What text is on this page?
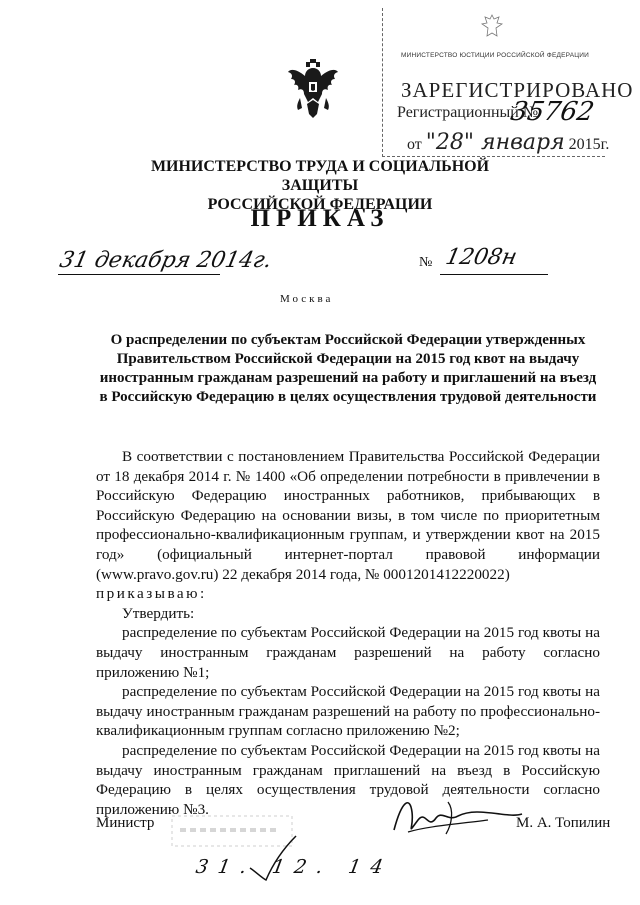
МИНИСТЕРСТВО ЮСТИЦИИ РОССИЙСКОЙ ФЕДЕРАЦИИ
ЗАРЕГИСТРИРОВАНО
Регистрационный №
35762
от "28" января 2015г.
МИНИСТЕРСТВО ТРУДА И СОЦИАЛЬНОЙ ЗАЩИТЫ
РОССИЙСКОЙ ФЕДЕРАЦИИ
ПРИКАЗ
31 декабря 2014г.	№ 1208н
Москва
О распределении по субъектам Российской Федерации утвержденных Правительством Российской Федерации на 2015 год квот на выдачу иностранным гражданам разрешений на работу и приглашений на въезд в Российскую Федерацию в целях осуществления трудовой деятельности

В соответствии с постановлением Правительства Российской Федерации от 18 декабря 2014 г. № 1400 «Об определении потребности в привлечении в Российскую Федерацию иностранных работников, прибывающих в Российскую Федерацию на основании визы, в том числе по приоритетным профессионально-квалификационным группам, и утверждении квот на 2015 год» (официальный интернет-портал правовой информации (www.pravo.gov.ru) 22 декабря 2014 года, № 0001201412220022)

приказываю:

Утвердить:

распределение по субъектам Российской Федерации на 2015 год квоты на выдачу иностранным гражданам разрешений на работу согласно приложению №1;

распределение по субъектам Российской Федерации на 2015 год квоты на выдачу иностранным гражданам разрешений на работу по профессионально-квалификационным группам согласно приложению №2;

распределение по субъектам Российской Федерации на 2015 год квоты на выдачу иностранным гражданам приглашений на въезд в Российскую Федерацию в целях осуществления трудовой деятельности согласно приложению №3.

Министр	М. А. Топилин
31. 12. 14
